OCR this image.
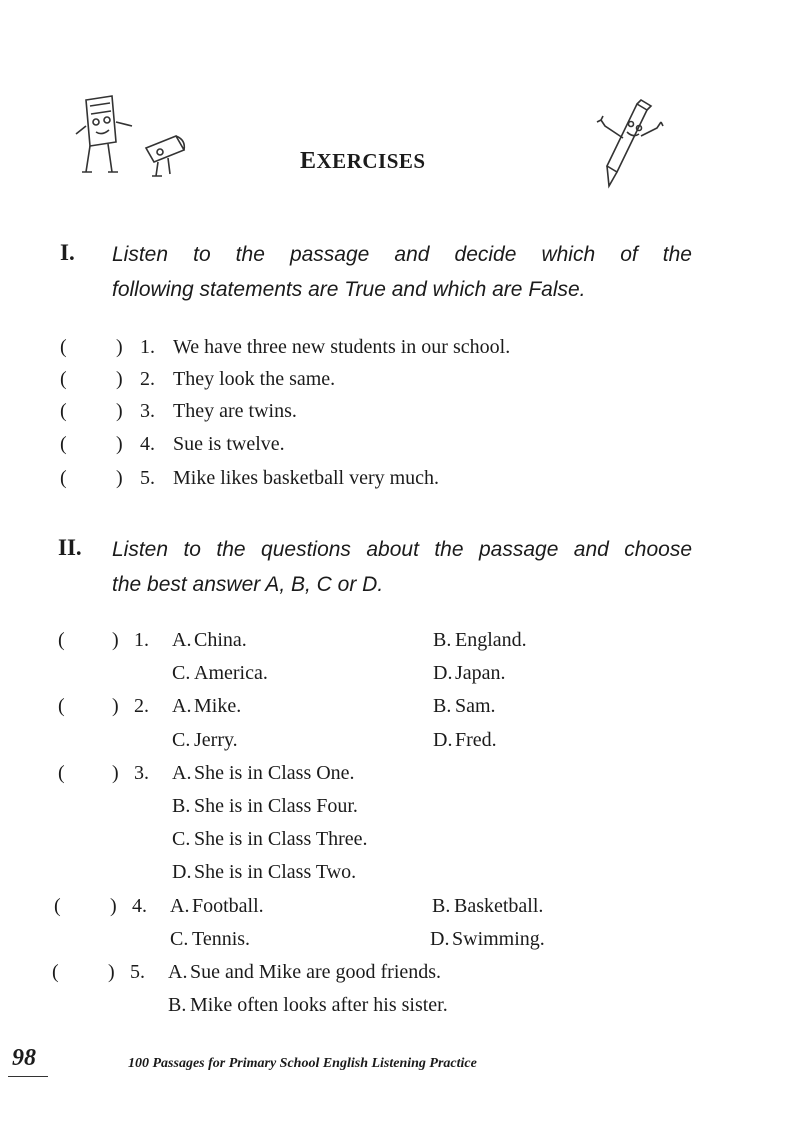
EXERCISES
I. Listen to the passage and decide which of the
following statements are True and which are False.
( ) 1. We have three new students in our school.
( ) 2. They look the same.
( ) 3. They are twins.
( ) 4. Sue is twelve.
( ) 5. Mike likes basketball very much.
II. Listen to the questions about the passage and choose
the best answer A, B, C or D.
( ) 1. A. China.	B. England.
C. America.	D. Japan.
( ) 2. A. Mike.	B. Sam.
C. Jerry.	D. Fred.
( ) 3. A. She is in Class One.
B. She is in Class Four.
C. She is in Class Three.
D. She is in Class Two.
( ) 4. A. Football.	B. Basketball.
C. Tennis.	D. Swimming.
( ) 5. A. Sue and Mike are good friends.
B. Mike often looks after his sister.
98	100 Passages for Primary School English Listening Practice
